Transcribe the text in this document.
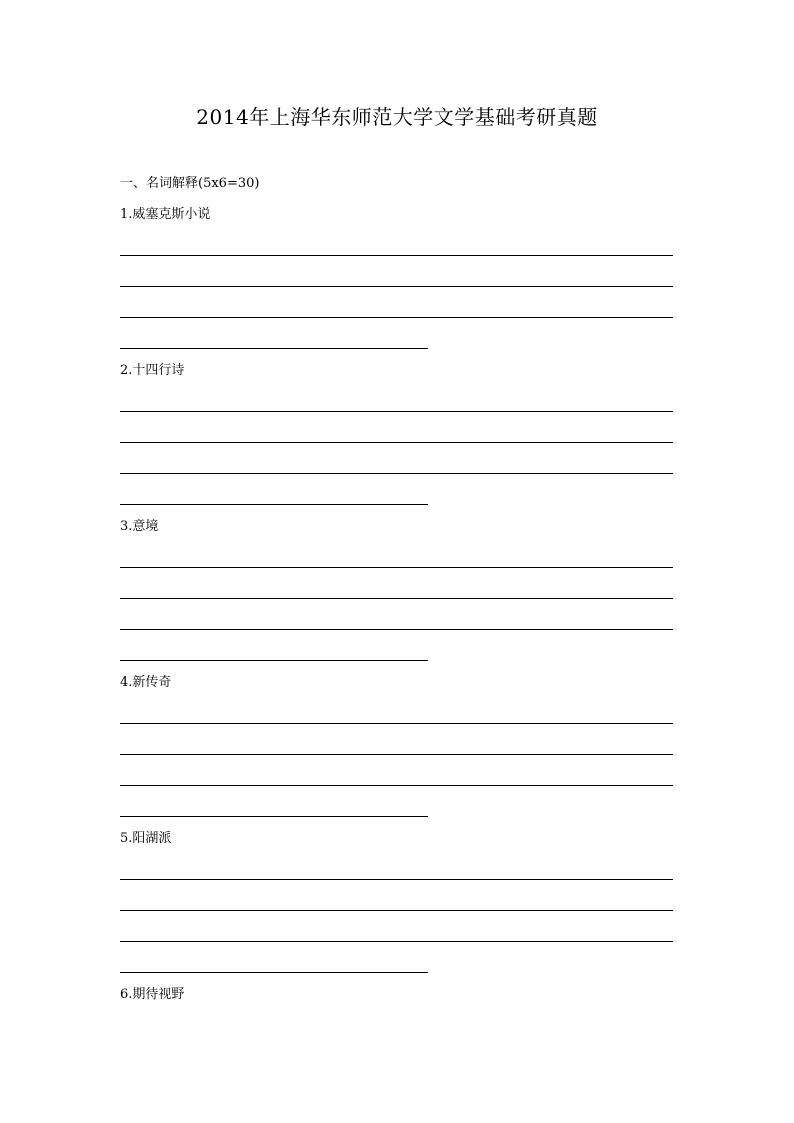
2014年上海华东师范大学文学基础考研真题
一、名词解释(5x6=30)
1.威塞克斯小说
2.十四行诗
3.意境
4.新传奇
5.阳湖派
6.期待视野
